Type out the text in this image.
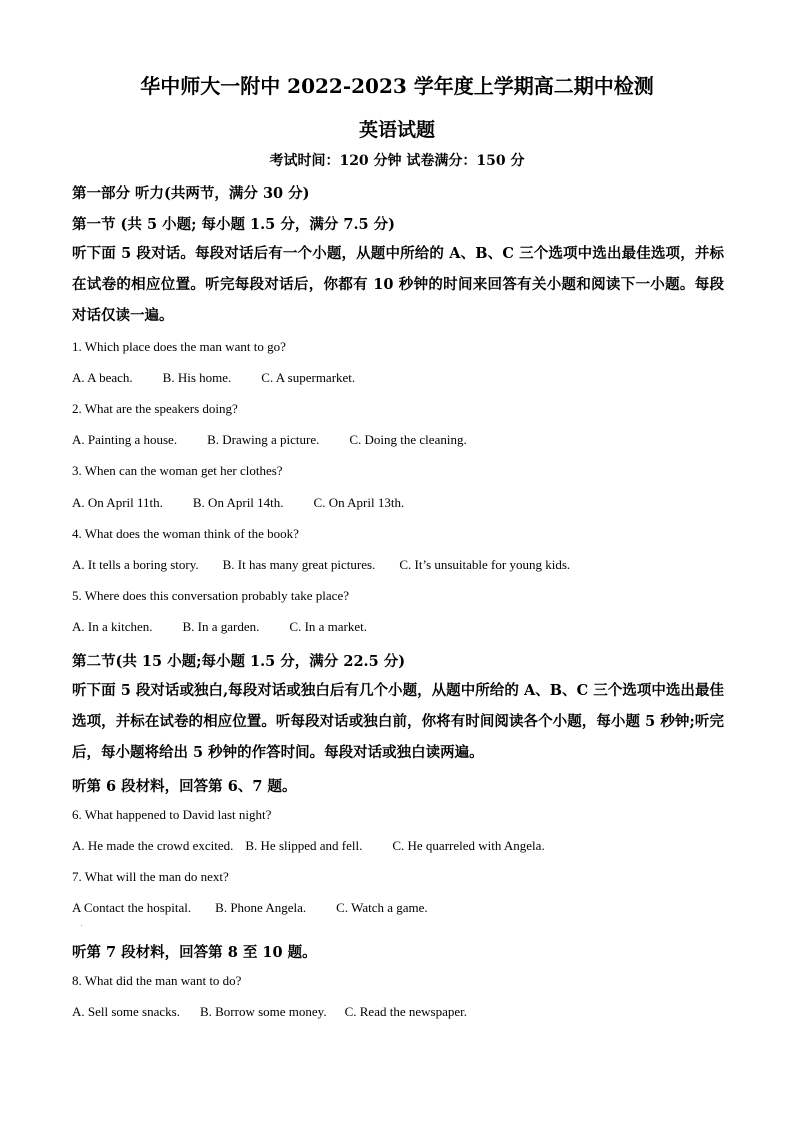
华中师大一附中 2022-2023 学年度上学期高二期中检测
英语试题
考试时间：120 分钟 试卷满分：150 分
第一部分 听力(共两节，满分 30 分)
第一节 (共 5 小题; 每小题 1.5 分，满分 7.5 分)
听下面 5 段对话。每段对话后有一个小题，从题中所给的 A、B、C 三个选项中选出最佳选项，并标在试卷的相应位置。听完每段对话后，你都有 10 秒钟的时间来回答有关小题和阅读下一小题。每段对话仅读一遍。
1. Which place does the man want to go?
A. A beach. B. His home. C. A supermarket.
2. What are the speakers doing?
A. Painting a house. B. Drawing a picture. C. Doing the cleaning.
3. When can the woman get her clothes?
A. On April 11th. B. On April 14th. C. On April 13th.
4. What does the woman think of the book?
A. It tells a boring story. B. It has many great pictures. C. It’s unsuitable for young kids.
5. Where does this conversation probably take place?
A. In a kitchen. B. In a garden. C. In a market.
第二节(共 15 小题;每小题 1.5 分，满分 22.5 分)
听下面 5 段对话或独白,每段对话或独白后有几个小题，从题中所给的 A、B、C 三个选项中选出最佳选项，并标在试卷的相应位置。听每段对话或独白前，你将有时间阅读各个小题，每小题 5 秒钟;听完后，每小题将给出 5 秒钟的作答时间。每段对话或独白读两遍。
听第 6 段材料，回答第 6、7 题。
6. What happened to David last night?
A. He made the crowd excited. B. He slipped and fell. C. He quarreled with Angela.
7. What will the man do next?
A Contact the hospital. B. Phone Angela. C. Watch a game.
.
听第 7 段材料，回答第 8 至 10 题。
8. What did the man want to do?
A. Sell some snacks. B. Borrow some money. C. Read the newspaper.
